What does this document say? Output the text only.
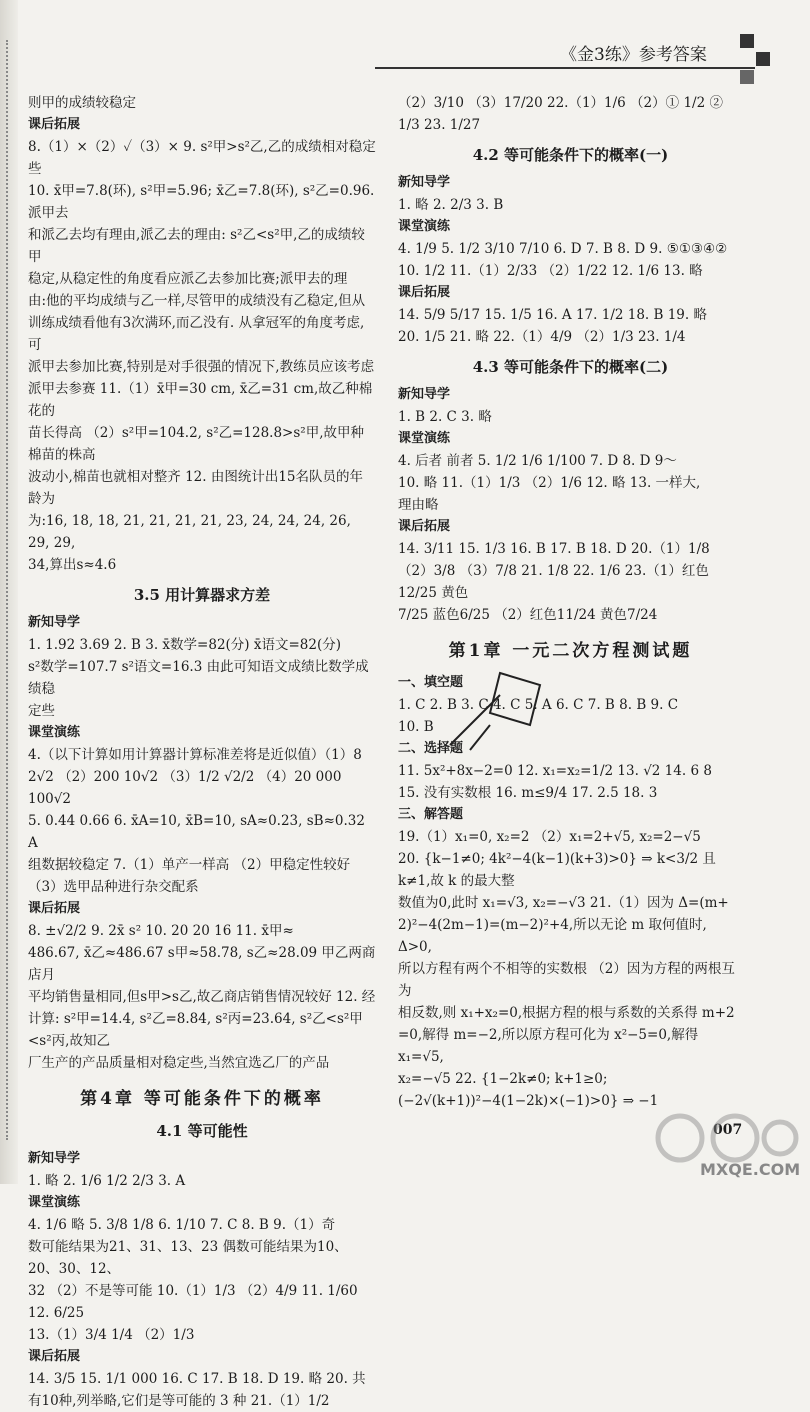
《金3练》参考答案

则甲的成绩较稳定

课后拓展

8.（1）×（2）✓（3）× 9. s²甲>s²乙,乙的成绩相对稳定些

10. x̄甲=7.8(环), s²甲=5.96; x̄乙=7.8(环), s²乙=0.96. 派甲去

和派乙去均有理由,派乙去的理由: s²乙<s²甲,乙的成绩较甲

稳定,从稳定性的角度看应派乙去参加比赛;派甲去的理

由:他的平均成绩与乙一样,尽管甲的成绩没有乙稳定,但从

训练成绩看他有3次满环,而乙没有. 从拿冠军的角度考虑,可

派甲去参加比赛,特别是对手很强的情况下,教练员应该考虑

派甲去参赛 11.（1）x̄甲=30 cm, x̄乙=31 cm,故乙种棉花的

苗长得高 （2）s²甲=104.2, s²乙=128.8>s²甲,故甲种棉苗的株高

波动小,棉苗也就相对整齐 12. 由图统计出15名队员的年龄为

为:16, 18, 18, 21, 21, 21, 21, 23, 24, 24, 24, 26, 29, 29,

34,算出s≈4.6

3.5 用计算器求方差

新知导学

1. 1.92 3.69 2. B 3. x̄数学=82(分) x̄语文=82(分)

s²数学=107.7 s²语文=16.3 由此可知语文成绩比数学成绩稳

定些

课堂演练

4.（以下计算如用计算器计算标准差将是近似值）（1）8

2√2 （2）200 10√2 （3）1/2 √2/2 （4）20 000 100√2

5. 0.44 0.66 6. x̄A=10, x̄B=10, sA≈0.23, sB≈0.32 A

组数据较稳定 7.（1）单产一样高 （2）甲稳定性较好

（3）选甲品种进行杂交配系

课后拓展

8. ±√2/2 9. 2x̄ s² 10. 20 20 16 11. x̄甲≈

486.67, x̄乙≈486.67 s甲≈58.78, s乙≈28.09 甲乙两商店月

平均销售量相同,但s甲>s乙,故乙商店销售情况较好 12. 经

计算: s²甲=14.4, s²乙=8.84, s²丙=23.64, s²乙<s²甲<s²丙,故知乙

厂生产的产品质量相对稳定些,当然宜选乙厂的产品

第4章 等可能条件下的概率

4.1 等可能性

新知导学

1. 略 2. 1/6 1/2 2/3 3. A

课堂演练

4. 1/6 略 5. 3/8 1/8 6. 1/10 7. C 8. B 9.（1）奇

数可能结果为21、31、13、23 偶数可能结果为10、20、30、12、

32 （2）不是等可能 10.（1）1/3 （2）4/9 11. 1/60 12. 6/25

13.（1）3/4 1/4 （2）1/3

课后拓展

14. 3/5 15. 1/1 000 16. C 17. B 18. D 19. 略 20. 共

有10种,列举略,它们是等可能的 3 种 21.（1）1/2

（2）3/10 （3）17/20 22.（1）1/6 （2）① 1/2 ② 1/3 23. 1/27

4.2 等可能条件下的概率(一)

新知导学

1. 略 2. 2/3 3. B

课堂演练

4. 1/9 5. 1/2 3/10 7/10 6. D 7. B 8. D 9. ⑤①③④②

10. 1/2 11.（1）2/33 （2）1/22 12. 1/6 13. 略

课后拓展

14. 5/9 5/17 15. 1/5 16. A 17. 1/2 18. B 19. 略

20. 1/5 21. 略 22.（1）4/9 （2）1/3 23. 1/4

4.3 等可能条件下的概率(二)

新知导学

1. B 2. C 3. 略

课堂演练

4. 后者 前者 5. 1/2 1/6 1/100 7. D 8. D 9～

10. 略 11.（1）1/3 （2）1/6 12. 略 13. 一样大,

理由略

课后拓展

14. 3/11 15. 1/3 16. B 17. B 18. D 20.（1）1/8

（2）3/8 （3）7/8 21. 1/8 22. 1/6 23.（1）红色12/25 黄色

7/25 蓝色6/25 （2）红色11/24 黄色7/24

第1章 一元二次方程测试题

一、填空题

1. C 2. B 3. C 4. C 5. A 6. C 7. B 8. B 9. C

10. B

二、选择题

11. 5x²+8x−2=0 12. x₁=x₂=1/2 13. √2 14. 6 8

15. 没有实数根 16. m≤9/4 17. 2.5 18. 3

三、解答题

19.（1）x₁=0, x₂=2 （2）x₁=2+√5, x₂=2−√5

20. {k−1≠0; 4k²−4(k−1)(k+3)>0} ⇒ k<3/2 且 k≠1,故 k 的最大整

数值为0,此时 x₁=√3, x₂=−√3 21.（1）因为 Δ=(m+

2)²−4(2m−1)=(m−2)²+4,所以无论 m 取何值时, Δ>0,

所以方程有两个不相等的实数根 （2）因为方程的两根互为

相反数,则 x₁+x₂=0,根据方程的根与系数的关系得 m+2

=0,解得 m=−2,所以原方程可化为 x²−5=0,解得 x₁=√5,

x₂=−√5 22. {1−2k≠0; k+1≥0; (−2√(k+1))²−4(1−2k)×(−1)>0} ⇒ −1

007
MXQE.COM
